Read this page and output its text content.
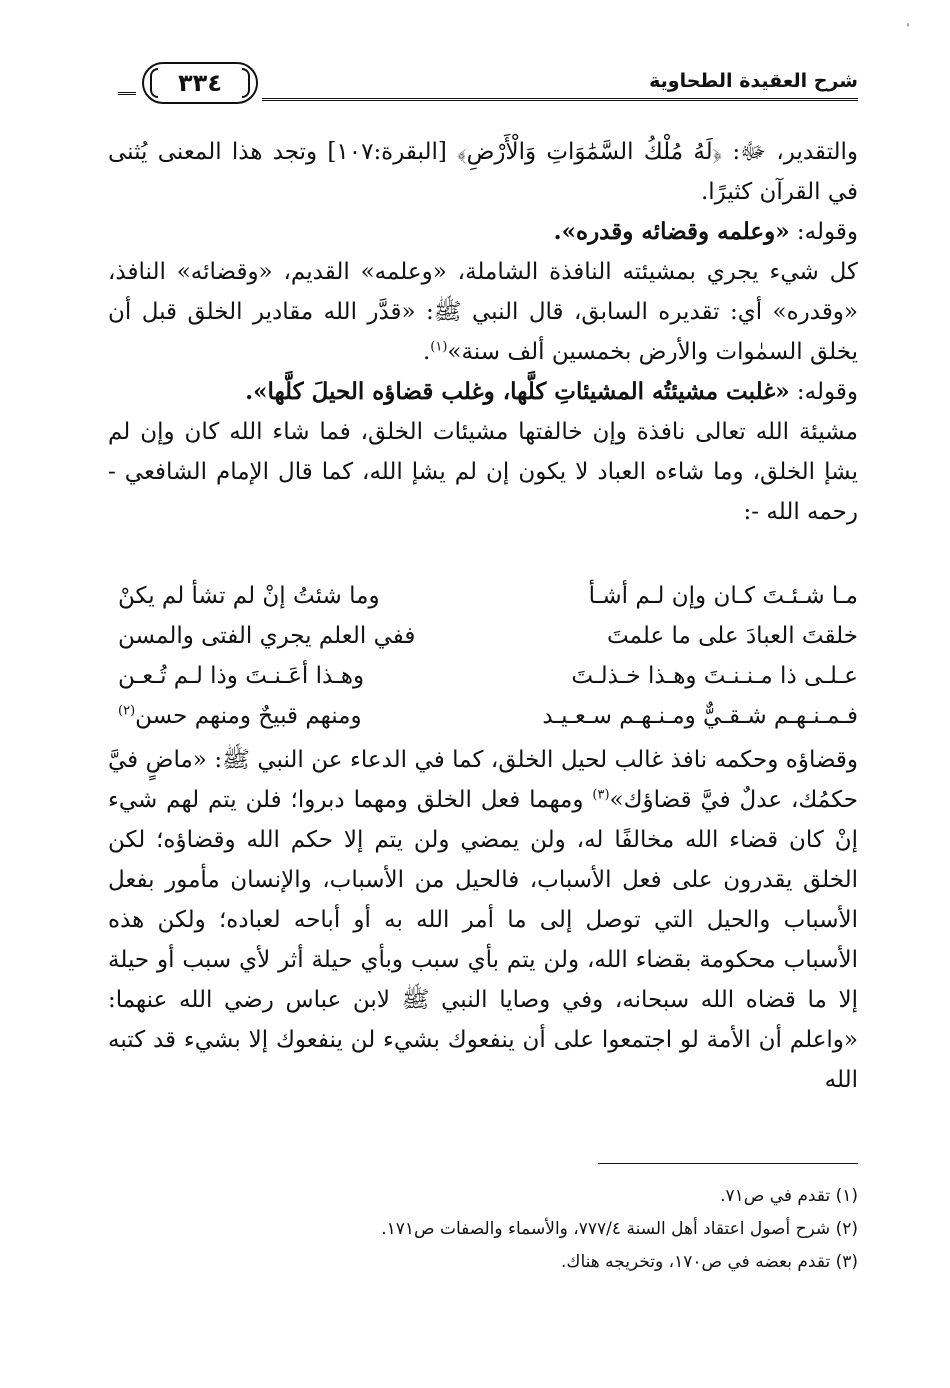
ˈ
شرح العقيدة الطحاوية
٣٣٤

والتقدير، ﷻ: ﴿لَهُ مُلْكُ السَّمَٰوَاتِ وَالْأَرْضِ﴾ [البقرة:١٠٧] وتجد هذا المعنى يُثنى في القرآن كثيرًا.

وقوله: «وعلمه وقضائه وقدره».

كل شيء يجري بمشيئته النافذة الشاملة، «وعلمه» القديم، «وقضائه» النافذ، «وقدره» أي: تقديره السابق، قال النبي ﷺ: «قدَّر الله مقادير الخلق قبل أن يخلق السمٰوات والأرض بخمسين ألف سنة»$^{(١)}$.

وقوله: «غلبت مشيئتُه المشيئاتِ كلَّها، وغلب قضاؤه الحيلَ كلَّها».

مشيئة الله تعالى نافذة وإن خالفتها مشيئات الخلق، فما شاء الله كان وإن لم يشإ الخلق، وما شاءه العباد لا يكون إن لم يشإ الله، كما قال الإمام الشافعي - رحمه الله -:

مـا شـئـتَ كـان وإن لـم أشـأ
وما شئتُ إنْ لم تشأ لم يكنْ
خلقتَ العبادَ على ما علمتَ
ففي العلم يجري الفتى والمسن
عـلـى ذا مـنـنـتَ وهـذا خـذلـتَ
وهـذا أعَـنـتَ وذا لـم تُـعـن
فـمـنـهـم شـقـيٌّ ومـنـهـم سـعـيـد
ومنهم قبيحٌ ومنهم حسن$^{(٢)}$

وقضاؤه وحكمه نافذ غالب لحيل الخلق، كما في الدعاء عن النبي ﷺ: «ماضٍ فيَّ حكمُك، عدلٌ فيَّ قضاؤك»$^{(٣)}$ ومهما فعل الخلق ومهما دبروا؛ فلن يتم لهم شيء إنْ كان قضاء الله مخالفًا له، ولن يمضي ولن يتم إلا حكم الله وقضاؤه؛ لكن الخلق يقدرون على فعل الأسباب، فالحيل من الأسباب، والإنسان مأمور بفعل الأسباب والحيل التي توصل إلى ما أمر الله به أو أباحه لعباده؛ ولكن هذه الأسباب محكومة بقضاء الله، ولن يتم بأي سبب وبأي حيلة أثر لأي سبب أو حيلة إلا ما قضاه الله سبحانه، وفي وصايا النبي ﷺ لابن عباس رضي الله عنهما: «واعلم أن الأمة لو اجتمعوا على أن ينفعوك بشيء لن ينفعوك إلا بشيء قد كتبه الله

(١) تقدم في ص٧١.

(٢) شرح أصول اعتقاد أهل السنة ٧٧٧/٤، والأسماء والصفات ص١٧١.

(٣) تقدم بعضه في ص١٧٠، وتخريجه هناك.
